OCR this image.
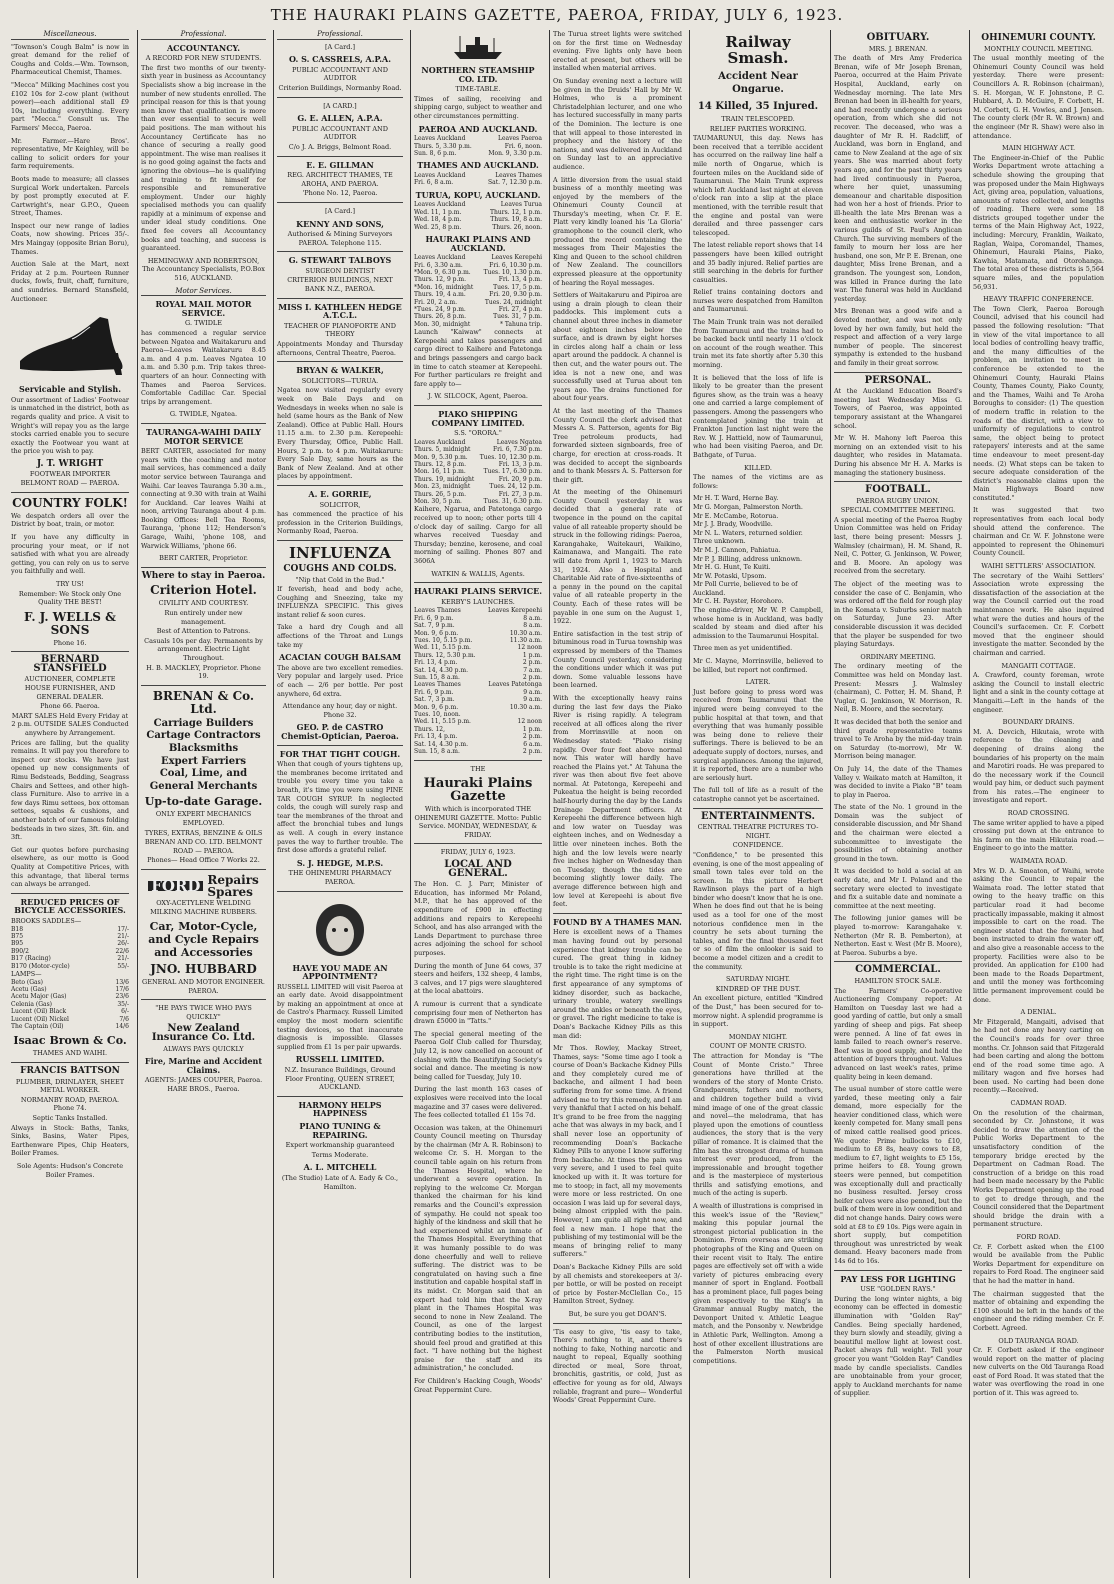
THE HAURAKI PLAINS GAZETTE, PAEROA, FRIDAY, JULY 6, 1923.
Miscellaneous.

"Townson's Cough Balm" is now in great demand for the relief of Coughs and Colds.—Wm. Townson, Pharmaceutical Chemist, Thames.

"Mecca" Milking Machines cost you £102 10s for 2-cow plant (without power)—each additional stall £9 10s, including everything. Every part "Mecca." Consult us. The Farmers' Mecca, Paeroa.

Mr. Farmer.—Hare Bros'. representative, Mr Keighley, will be calling to solicit orders for your farm requirements.

Boots made to measure; all classes Surgical Work undertaken. Parcels by post promptly executed at F. Cartwright's, near G.P.O., Queen Street, Thames.

Inspect our new range of ladies Coats, now showing. Prices 35/-. Mrs Maingay (opposite Brian Boru), Thames.

Auction Sale at the Mart, next Friday at 2 p.m. Pourteen Runner ducks, fowls, fruit, chaff, furniture, and sundries. Bernard Stansfield, Auctioneer.

Servicable and Stylish.

Our assortment of Ladies' Footwear is unmatched in the district, both as regards quality and price. A visit to Wright's will repay you as the large stocks carried enable you to secure exactly the Footwear you want at the price you wish to pay.

J. T. WRIGHT
FOOTWEAR IMPORTER
BELMONT ROAD — PAEROA.
COUNTRY FOLK!

We despatch orders all over the District by boat, train, or motor.

If you have any difficulty in procuring your meat, or if not satisfied with what you are already getting, you can rely on us to serve you faithfully and well.

TRY US!
Remember: We Stock only One Quality THE BEST!
F. J. WELLS & SONS
Phone 16.
BERNARD STANSFIELD
AUCTIONEER, COMPLETE HOUSE FURNISHER, AND GENERAL DEALER.
Phone 66. Paeroa.
MART SALES Held Every Friday at 2 p.m. OUTSIDE SALES Conducted anywhere by Arrangement.

Prices are falling, but the quality remains. It will pay you therefore to inspect our stocks. We have just opened up new consignments of Rimu Bedsteads, Bedding, Seagrass Chairs and Settees, and other high-class Furniture. Also to arrive in a few days Rimu settees, box ottoman settees, squabs & cushions, and another batch of our famous folding bedsteads in two sizes, 3ft. 6in. and 3ft.

Get our quotes before purchasing elsewhere, as our motto is Good Quality at Competitive Prices, with this advantage, that liberal terms can always be arranged.

REDUCED PRICES OF BICYCLE ACCESSORIES.
BROOKS SADDLES—
B18	17/-
B75	21/-
B95	26/-
B90/2	22/6
B17 (Racing)	21/-
B170 (Motor-cycle)	55/-
LAMPS—
Beto (Gas)	13/6
Acetu (Gas)	17/6
Acetu Major (Gas)	23/6
Celenia (Gas)	35/-
Lucent (Oil) Black	6/-
Lucent (Oil) Nickel	7/6
The Captain (Oil)	14/6
Isaac Brown & Co.
THAMES AND WAIHI.
FRANCIS BATTSON
PLUMBER, DRINLAYER, SHEET METAL WORKER.
NORMANBY ROAD, PAEROA. Phone 74.
Septic Tanks Installed.

Always in Stock: Baths, Tanks, Sinks, Basins, Water Pipes, Earthenware Pipes, Chip Heaters, Boiler Frames.

Sole Agents: Hudson's Concrete Boiler Frames.
Professional.
ACCOUNTANCY.
A RECORD FOR NEW STUDENTS.

The first two months of our twenty-sixth year in business as Accountancy Specialists show a big increase in the number of new students enrolled. The principal reason for this is that young men know that qualification is more than ever essential to secure well paid positions. The man without his Accountancy Certificate has no chance of securing a really good appointment. The wise man realises it is no good going against the facts and ignoring the obvious—he is qualifying and training to fit himself for responsible and remunerative employment. Under our highly specialised methods you can qualify rapidly at a minimum of expense and under ideal study conditions. One fixed fee covers all Accountancy books and teaching, and success is guaranteed.

HEMINGWAY AND ROBERTSON, The Accountancy Specialists, P.O.Box 516, AUCKLAND.
Motor Services.
ROYAL MAIL MOTOR SERVICE.
G. TWIDLE

has commenced a regular service between Ngatea and Waitakaruru and Paeroa—Leaves Waitakaruru 8.45 a.m. and 4 p.m. Leaves Ngatea 10 a.m. and 5.30 p.m. Trip takes three-quarters of an hour. Connecting with Thames and Paeroa Services. Comfortable Cadillac Car. Special trips by arrangement.

G. TWIDLE, Ngatea.
TAURANGA-WAIHI DAILY MOTOR SERVICE

BERT CARTER, associated for many years with the coaching and motor mail services, has commenced a daily motor service between Tauranga and Waihi. Car leaves Tauranga 5.30 a.m., connecting at 9.30 with train at Waihi for Auckland. Car leaves Waihi at noon, arriving Tauranga about 4 p.m. Booking Offices: Bell Tea Rooms, Tauranga, 'phone 112; Henderson's Garage, Waihi, 'phone 108, and Warwick Williams, 'phone 66.

BERT CARTER, Proprietor.
Where to stay in Paeroa.
Criterion Hotel.
CIVILITY AND COURTESY.
Run entirely under new management.
Best of Attention to Patrons.
Casuals 10s per day. Permanents by arrangement. Electric Light Throughout.
H. B. MACKLEY, Proprietor. Phone 19.
BRENAN & Co. Ltd.
Carriage Builders
Cartage Contractors
Blacksmiths
Expert Farriers
Coal, Lime, and
General Merchants
Up-to-date Garage.
ONLY EXPERT MECHANICS EMPLOYED.
TYRES, EXTRAS, BENZINE & OILS
BRENAN AND CO. LTD. BELMONT ROAD — PAEROA.
Phones— Head Office 7 Works 22.
FORD Repairs
Spares
OXY-ACETYLENE WELDING MILKING MACHINE RUBBERS.
Car, Motor-Cycle, and Cycle Repairs and Accessories
JNO. HUBBARD
GENERAL AND MOTOR ENGINEER. PAEROA.
"HE PAYS TWICE WHO PAYS QUICKLY"
New Zealand Insurance Co. Ltd.
ALWAYS PAYS QUICKLY
Fire, Marine and Accident Claims.
AGENTS: JAMES COUPER, Paeroa. HARE BROS., Paeroa.
Professional.
[A Card.]
O. S. CASSRELS, A.P.A.
PUBLIC ACCOUNTANT AND AUDITOR
Criterion Buildings, Normanby Road.
[A CARD.]
G. E. ALLEN, A.P.A.
PUBLIC ACCOUNTANT AND AUDITOR
C/o J. A. Briggs, Belmont Road.
E. E. GILLMAN
REG. ARCHITECT THAMES, TE AROHA, AND PAEROA.
'Phone No. 12, Paeroa.
[A Card.]
KENNY AND SONS,
Authorised & Mining Surveyors PAEROA. Telephone 115.
G. STEWART TALBOYS
SURGEON DENTIST
CRITERION BUILDINGS, NEXT BANK N.Z., PAEROA.
MISS I. KATHLEEN HEDGE A.T.C.L.
TEACHER OF PIANOFORTE AND THEORY

Appointments Monday and Thursday afternoons, Central Theatre, Paeroa.

BRYAN & WALKER,
SOLICITORS—TURUA.

Ngatea now visited regularly every week on Bale Days and on Wednesdays in weeks when no sale is held (same hours as the Bank of New Zealand). Office at Public Hall. Hours 11.15 a.m. to 2.30 p.m. Kerepeehi: Every Thursday, Office, Public Hall. Hours, 2 p.m. to 4 p.m. Waitakaruru: Every Sale Day, same hours as the Bank of New Zealand. And at other places by appointment.

A. E. GORRIE,
SOLICITOR,

has commenced the practice of his profession in the Criterion Buildings, Normanby Road, Paeroa.

INFLUENZA
COUGHS AND COLDS.
"Nip that Cold in the Bud."

If feverish, head and body ache, Coughing and Sneezing, take my INFLUENZA SPECIFIC. This gives instant relief & soon cures.

Take a hard dry Cough and all affections of the Throat and Lungs take my

ACACIAN COUGH BALSAM

The above are two excellent remedies. Very popular and largely used. Price of each — 2/6 per bottle. Per post anywhere, 6d extra.

Attendance any hour, day or night. Phone 32.
GEO. P. de CASTRO Chemist-Optician, Paeroa.
FOR THAT TIGHT COUGH.

When that cough of yours tightens up, the membranes become irritated and trouble you every time you take a breath, it's time you were using PINE TAR COUGH SYRUP. In neglected colds, the cough will surely rasp and tear the membranes of the throat and affect the bronchial tubes and lungs as well. A cough in every instance paves the way to further trouble. The first dose affords a grateful relief.

S. J. HEDGE, M.P.S.
THE OHINEMURI PHARMACY PAEROA.
HAVE YOU MADE AN APPOINTMENT?

RUSSELL LIMITED will visit Paeroa at an early date. Avoid disappointment by making an appointment at once at de Castro's Pharmacy. Russell Limited employ the most modern scientific testing devices, so that inaccurate diagnosis is impossible. Glasses supplied from £1 1s per pair upwards.

RUSSELL LIMITED.
N.Z. Insurance Buildings, Ground Floor Fronting, QUEEN STREET, AUCKLAND.
HARMONY HELPS HAPPINESS
PIANO TUNING & REPAIRING.
Expert workmanship guaranteed
Terms Moderate.
A. L. MITCHELL
(The Studio) Late of A. Eady & Co., Hamilton.
NORTHERN STEAMSHIP CO. LTD.
TIME-TABLE.

Times of sailing, receiving and shipping cargo, subject to weather and other circumstances permitting.

PAEROA AND AUCKLAND.
Leaves Auckland	Leaves Paeroa
Thurs. 5, 3.30 p.m.	Fri. 6, noon.
Sun. 8, 6 p.m.	Mon. 9, 3.30 p.m.
THAMES AND AUCKLAND.
Leaves Auckland	Leaves Thames
Fri. 6, 8 a.m.	Sat. 7, 12.30 p.m.
TURUA, KOPU, AUCKLAND.
Leaves Auckland	Leaves Turua
Wed. 11, 1 p.m.	Thurs. 12, 1 p.m.
Wed. 18, 4 p.m.	Thurs. 19, 8 a.m.
Wed. 25, 8 p.m.	Thurs. 26, noon.
HAURAKI PLAINS AND AUCKLAND.
Leaves Auckland	Leaves Kerepehi
Fri. 6, 3.30 a.m.	Fri. 6, 10.30 p.m.
*Mon. 9, 6.30 p.m.	Tues. 10, 1.30 p.m.
Thurs. 12, 9 p.m.	Fri. 13, 4 p.m.
*Mon. 16, midnight	Tues. 17, 5 p.m.
Thurs. 19, 4 a.m.	Fri. 20, 9.30 p.m.
Fri. 20, 2 a.m.	Tues. 24, midnight
*Tues. 24, 9 p.m.	Fri. 27, 4 p.m.
Thurs. 26, 8 p.m.	Tues. 31, 7 p.m.
Mon. 30, midnight	* Tahuna trip.

Launch "Kaiwaw" connects at Kerepeehi and takes passengers and cargo direct to Kaihere and Patetonga and brings passengers and cargo back in time to catch steamer at Kerepeehi. For further particulars re freight and fare apply to—

J. W. SILCOCK, Agent, Paeroa.
PIAKO SHIPPING COMPANY LIMITED.
S.S. "ORORA."
Leaves Auckland	Leaves Ngatea
Thurs. 5, midnight	Fri. 6, 7.30 p.m.
Mon. 9, 5.30 p.m.	Tues. 10, 12.30 p.m.
Thurs. 12, 8 p.m.	Fri. 13, 3 p.m.
Mon. 16, 11 p.m.	Tues. 17, 6.30 p.m.
Thurs. 19, midnight	Fri. 20, 9 p.m.
Mon. 23, midnight	Tues. 24, 12 p.m.
Thurs. 26, 5 p.m.	Fri. 27, 3 p.m.
Mon. 30, 5 p.m.	Tues. 31, 6.30 p.m.

Kaihere, Ngarua, and Patetonga cargo received up to noon; other ports till 4 o'clock day of sailing. Cargo for all wharves received Tuesday and Thursday; benzine, kerosene, and coal morning of sailing. Phones 807 and 3606A

WATKIN & WALLIS, Agents.
HAURAKI PLAINS SERVICE.
KERBY'S LAUNCHES.
Leaves Thames	Leaves Kerepeehi
Fri. 6, 9 p.m.	8 a.m.
Sat. 7, 9 p.m.	8 a.m.
Mon. 9, 6 p.m.	10.30 a.m.
Tues. 10, 5.15 p.m.	11.30 a.m.
Wed. 11, 5.15 p.m.	12 noon
Thurs. 12, 5.30 p.m.	1 p.m.
Fri. 13, 4 p.m.	2 p.m.
Sat. 14, 4.30 p.m.	7 a.m.
Sun. 15, 8 a.m.	2 p.m.
Leaves Thames	Leaves Patetonga
Fri. 6, 9 p.m.	9 a.m.
Sat. 7, 3 p.m.	9 a.m.
Mon. 9, 6 p.m.	10.30 a.m.
Tues. 10, noon.	
Wed. 11, 5.15 p.m.	12 noon
Thurs. 12,	1 p.m.
Fri. 13, 4 p.m.	2 p.m.
Sat. 14, 4.30 p.m.	6 a.m.
Sun. 15, 8 a.m.	2 p.m.
THE
Hauraki Plains Gazette
With which is incorporated THE OHINEMURI GAZETTE. Motto: Public Service. MONDAY, WEDNESDAY, & FRIDAY.
FRIDAY, JULY 6, 1923.
LOCAL AND GENERAL.

The Hon. C. J. Parr, Minister of Education, has informed Mr Poland, M.P., that he has approved of the expenditure of £900 in effecting additions and repairs to Kerepeehi School, and has also arranged with the Lands Department to purchase three acres adjoining the school for school purposes.

During the month of June 64 cows, 37 steers and heifers, 132 sheep, 4 lambs, 3 calves, and 17 pigs were slaughtered at the local abattoirs.

A rumour is current that a syndicate comprising four men of Netherton has drawn £5000 in "Tatts."

The special general meeting of the Paeroa Golf Club called for Thursday, July 12, is now cancelled on account of clashing with the Beautifying Society's social and dance. The meeting is now being called for Tuesday, July 10.

During the last month 163 cases of explosives were received into the local magazine and 37 cases were delivered. The fees collected totalled £1 15s 7d.

Occasion was taken, at the Ohinemuri County Council meeting on Thursday by the chairman (Mr A. R. Robinson) to welcome Cr. S. H. Morgan to the council table again on his return from the Thames Hospital, where he underwent a severe operation. In replying to the welcome Cr. Morgan thanked the chairman for his kind remarks and the Council's expression of sympathy. He could not speak too highly of the kindness and skill that he had experienced whilst an inmate of the Thames Hospital. Everything that it was humanly possible to do was done cheerfully and well to relieve suffering. The district was to be congratulated on having such a fine institution and capable hospital staff in its midst. Cr. Morgan said that an expert had told him that the X-ray plant in the Thames Hospital was second to none in New Zealand. The Council, as one of the largest contributing bodies to the institution, should feel proud and gratified at this fact. "I have nothing but the highest praise for the staff and its administration," he concluded.

For Children's Hacking Cough, Woods' Great Peppermint Cure.

The Turua street lights were switched on for the first time on Wednesday evening. Five lights only have been erected at present, but others will be installed when material arrives.

On Sunday evening next a lecture will be given in the Druids' Hall by Mr W. Holmes, who is a prominent Christadelphian lecturer, and one who has lectured successfully in many parts of the Dominion. The lecture is one that will appeal to those interested in prophecy and the history of the nations, and was delivered in Auckland on Sunday last to an appreciative audience.

A little diversion from the usual staid business of a monthly meeting was enjoyed by the members of the Ohinemuri County Council at Thursday's meeting, when Cr. F. E. Platt very kindly loaned his 'La Gloria' gramophone to the council clerk, who produced the record containing the messages from Their Majesties the King and Queen to the school children of New Zealand. The councillors expressed pleasure at the opportunity of hearing the Royal messages.

Settlers of Waitakaruru and Pipiroa are using a drain plough to clean their paddocks. This implement cuts a channel about three inches in diameter about eighteen inches below the surface, and is drawn by eight horses in circles along half a chain or less apart around the paddock. A channel is then cut, and the water pours out. The idea is not a new one, and was successfully used at Turua about ten years ago. The drains functioned for about four years.

At the last meeting of the Thames County Council the clerk advised that Messrs A. S. Patterson, agents for Big Tree petroleum products, had forwarded sixteen signboards, free of charge, for erection at cross-roads. It was decided to accept the signboards and to thank Messrs A. S. Patterson for their gift.

At the meeting of the Ohinemuri County Council yesterday it was decided that a general rate of twopence in the pound on the capital value of all rateable property should be struck in the following ridings: Paeroa, Karangahake, Waitekauri, Waikino, Kaimanawa, and Mangaiti. The rate will date from April 1, 1923 to March 31, 1924. Also a Hospital and Charitable Aid rate of five-sixteenths of a penny in the pound on the capital value of all rateable property in the County. Each of these rates will be payable in one sum on the August 1, 1922.

Entire satisfaction in the test strip of bituminous road in Turua township was expressed by members of the Thames County Council yesterday, considering the conditions under which it was put down. Some valuable lessons have been learned.

With the exceptionally heavy rains during the last few days the Piako River is rising rapidly. A telegram received at all offices along the river from Morrinsville at noon on Wednesday stated: "Piako rising rapidly. Over four feet above normal now. This water will hardly have reached the Plains yet." At Tahuna the river was then about five feet above normal. At Patetonga, Kerepeehi and Pukeatua the height is being recorded half-hourly during the day by the Lands Drainage Department officers. At Kerepeehi the difference between high and low water on Tuesday was eighteen inches, and on Wednesday a little over nineteen inches. Both the high and the low levels were nearly five inches higher on Wednesday than on Tuesday, though the tides are becoming slightly lower daily. The average difference between high and low level at Kerepeehi is about five feet.

FOUND BY A THAMES MAN.

Here is excellent news of a Thames man having found out by personal experience that kidney trouble can be cured. The great thing in kidney trouble is to take the right medicine at the right time. The right time is on the first appearance of any symptoms of kidney disorder, such as backache, urinary trouble, watery swellings around the ankles or beneath the eyes, or gravel. The right medicine to take is Doan's Backache Kidney Pills as this man did:

Mr Thos. Rowley, Mackay Street, Thames, says: "Some time ago I took a course of Doan's Backache Kidney Pills and they completely cured me of backache, and ailment I had been suffering from for some time. A friend advised me to try this remedy, and I am very thankful that I acted on his behalf. It's grand to be free from the nagging ache that was always in my back, and I shall never lose an opportunity of recommending Doan's Backache Kidney Pills to anyone I know suffering from backache. At times the pain was very severe, and I used to feel quite knocked up with it. It was torture for me to stoop; in fact, all my movements were more or less restricted. On one occasion I was laid up for several days, being almost crippled with the pain. However, I am quite all right now, and feel a new man. I hope that the publishing of my testimonial will be the means of bringing relief to many sufferers."

Doan's Backache Kidney Pills are sold by all chemists and storekeepers at 3/- per bottle, or will be posted on receipt of price by Foster-McClellan Co., 15 Hamilton Street, Sydney.

But, be sure you get DOAN'S.

'Tis easy to give, 'tis easy to take, There's nothing to it, and there's nothing to fake, Nothing narcotic and naught to repeal, Equally soothing directed or meal, Sore throat, bronchitis, gastritis, or cold, Just as effective for young as for old, Always reliable, fragrant and pure— Wonderful Woods' Great Peppermint Cure.

Railway Smash.
Accident Near Ongarue.
14 Killed, 35 Injured.
TRAIN TELESCOPED.
RELIEF PARTIES WORKING.

TAUMARUNUI, this day. News has been received that a terrible accident has occurred on the railway line half a mile north of Ongarue, which is fourteen miles on the Auckland side of Taumarunui. The Main Trunk express which left Auckland last night at eleven o'clock ran into a slip at the place mentioned, with the terrible result that the engine and postal van were derailed and three passenger cars telescoped.

The latest reliable report shows that 14 passengers have been killed outright and 35 badly injured. Relief parties are still searching in the debris for further casualties.

Relief trains containing doctors and nurses were despatched from Hamilton and Taumarunui.

The Main Trunk train was not derailed from Taumarunui and the trains had to be backed back until nearly 11 o'clock on account of the rough weather. This train met its fate shortly after 5.30 this morning.

It is believed that the loss of life is likely to be greater than the present figures show, as the train was a heavy one and carried a large complement of passengers. Among the passengers who contemplated joining the train at Frankton Junction last night were the Rev. W. J. Hattield, now of Taumarunui, who had been visiting Paeroa, and Dr. Bathgate, of Turua.

KILLED.

The names of the victims are as follows:

Mr H. T. Ward, Herne Bay.
Mr G. Morgan, Palmerston North.
Mr E. McCambe, Rotorua.
Mr J. J. Brady, Woodville.
Mr N. L. Waters, returned soldier.
Three unknown.
Mr M. J. Cannon, Pahiatua.
Mr P. J. Billing, address unknown.
Mr H. G. Hunt, Te Kuiti.
Mr W. Potaski, Upsom.
Mr Poll Currie, believed to be of Auckland.
Mr C. H. Payster, Horohoro.

The engine-driver, Mr W. P. Campbell, whose home is in Auckland, was badly scalded by steam and died after his admission to the Taumarunui Hospital.

Three men as yet unidentified.

Mr C. Mayne, Morrinsville, believed to be killed, but report not confirmed.

LATER.

Just before going to press word was received from Taumarunui that the injured were being conveyed to the public hospital at that town, and that everything that was humanly possible was being done to relieve their sufferings. There is believed to be an adequate supply of doctors, nurses, and surgical appliances. Among the injured, it is reported, there are a number who are seriously hurt.

The full toll of life as a result of the catastrophe cannot yet be ascertained.

ENTERTAINMENTS.
CENTRAL THEATRE PICTURES TO-NIGHT.
CONFIDENCE.

"Confidence," to be presented this evening, is one of the most appealing of small town tales ever told on the screen. In this picture Herbert Rawlinson plays the part of a high binder who doesn't know that he is one. When he does find out that he is being used as a tool for one of the most notorious confidence men in the country he sets about turning the tables, and for the final thousand feet or so of film the onlooker is said to become a model citizen and a credit to the community.

SATURDAY NIGHT.
KINDRED OF THE DUST.

An excellent picture, entitled "Kindred of the Dust," has been secured for to-morrow night. A splendid programme is in support.

MONDAY NIGHT.
COUNT OF MONTE CRISTO.

The attraction for Monday is "The Count of Monte Cristo." Three generations have thrilled at the wonders of the story of Monte Cristo. Grandparents, fathers and mothers, and children together build a vivid mind image of one of the great classic and novel—the melodrama, that has played upon the emotions of countless audiences, the story that is the very pillar of romance. It is claimed that the film has the strongest drama of human interest ever produced, from the impressionable and brought together and is the masterpiece of mysterious thrills and satisfying emotions, and much of the acting is superb.

A wealth of illustrations is comprised in this week's issue of the "Review," making this popular journal the strongest pictorial publication in the Dominion. From overseas are striking photographs of the King and Queen on their recent visit to Italy. The entire pages are effectively set off with a wide variety of pictures embracing every manner of sport in England. Football has a prominent place, full pages being given respectively to the King's in Grammar annual Rugby match, the Devonport United v. Athletic League match, and the Ponsonby v. Newbridge in Athletic Park, Wellington. Among a host of other excellent illustrations are the Palmerston North musical competitions.

OBITUARY.
MRS. J. BRENAN.

The death of Mrs Amy Frederica Brenan, wife of Mr Joseph Brenan, Paeroa, occurred at the Haim Private Hospital, Auckland, early on Wednesday morning. The late Mrs Brenan had been in ill-health for years, and had recently undergone a serious operation, from which she did not recover. The deceased, who was a daughter of Mr R. H. Radcliff, of Auckland, was born in England, and came to New Zealand at the age of six years. She was married about forty years ago, and for the past thirty years had lived continuously in Paeroa, where her quiet, unassuming demeanour and charitable disposition had won her a host of friends. Prior to ill-health the late Mrs Brenan was a keen and enthusiastic worker in the various guilds of St. Paul's Anglican Church. The surviving members of the family to mourn her loss are her husband, one son, Mr P. E. Brenan, one daughter, Miss Irene Brenan, and a grandson. The youngest son, London, was killed in France during the late war. The funeral was held in Auckland yesterday.

Mrs Brenan was a good wife and a devoted mother, and was not only loved by her own family, but held the respect and affection of a very large number of people. The sincerest sympathy is extended to the husband and family in their great sorrow.

PERSONAL.

At the Auckland Education Board's meeting last Wednesday Miss G. Towers, of Paeroa, was appointed temporary assistant at the Whangarei school.

Mr W. H. Mahony left Paeroa this morning on an extended visit to his daughter, who resides in Matamata. During his absence Mr H. A. Marks is managing the stationery business.

FOOTBALL.
PAEROA RUGBY UNION.
SPECIAL COMMITTEE MEETING.

A special meeting of the Paeroa Rugby Union Committee was held on Friday last, there being present: Messrs J. Walmsley (chairman), H. M. Shand, R. Neil, C. Potter, G. Jenkinson, W. Power, and B. Moore. An apology was received from the secretary.

The object of the meeting was to consider the case of C. Benjamin, who was ordered off the field for rough play in the Komata v. Suburbs senior match on Saturday, June 23. After considerable discussion it was decided that the player be suspended for two playing Saturdays.

ORDINARY MEETING.

The ordinary meeting of the Committee was held on Monday last. Present: Messrs J. Walmsley (chairman), C. Potter, H. M. Shand, P. Vuglar, G. Jenkinson, W. Morrison, R. Neil, B. Moore, and the secretary.

It was decided that both the senior and third grade representative teams travel to Te Aroha by the mid-day train on Saturday (to-morrow), Mr W. Morrison being manager.

On July 14, the date of the Thames Valley v. Waikato match at Hamilton, it was decided to invite a Piako "B" team to play in Paeroa.

The state of the No. 1 ground in the Domain was the subject of considerable discussion, and Mr Shand and the chairman were elected a subcommittee to investigate the possibilities of obtaining another ground in the town.

It was decided to hold a social at an early date, and Mr I. Poland and the secretary were elected to investigate and fix a suitable date and nominate a committee at the next meeting.

The following junior games will be played to-morrow: Karangahake v. Netherton (Mr R. B. Pemberton), at Netherton. East v. West (Mr B. Moore), at Paeroa. Suburbs a bye.

COMMERCIAL.
HAMILTON STOCK SALE.

The Farmers' Co-operative Auctioneering Company report: At Hamilton on Tuesday last we had a good yarding of cattle, but only a small yarding of sheep and pigs. Fat sheep were penned. A line of fat ewes in lamb failed to reach owner's reserve. Beef was in good supply, and held the attention of buyers throughout. Values advanced on last week's rates, prime quality being in keen demand.

The usual number of store cattle were yarded, these meeting only a fair demand, more especially for the heavier conditioned class, which were keenly competed for. Many small pens of mixed cattle realised good prices. We quote: Prime bullocks to £10, medium to £8 8s, heavy cows to £8, medium to £7, light weights to £5 15s, prime heifers to £8. Young grown steers were penned, but competition was exceptionally dull and practically no business resulted. Jersey cross heifer calves were also penned, but the bulk of them were in low condition and did not change hands. Dairy cows were sold at £8 to £9 10s. Pigs were again in short supply, but competition throughout was unrestricted by weak demand. Heavy baconers made from 14s 6d to 16s.

PAY LESS FOR LIGHTING
USE "GOLDEN RAYS."

During the long winter nights, a big economy can be effected in domestic illumination with "Golden Ray" Candles. Being specially hardened, they burn slowly and steadily, giving a beautiful mellow light at lowest cost. Packet always full weight. Tell your grocer you want "Golden Ray" Candles made by candle specialists. Candles are unobtainable from your grocer, apply to Auckland merchants for name of supplier.

OHINEMURI COUNTY.
MONTHLY COUNCIL MEETING.

The usual monthly meeting of the Ohinemuri County Council was held yesterday. There were present: Councillors A. R. Robinson (chairman), S. H. Morgan, W. F. Johnstone, P. C. Hubbard, A. D. McGuire, F. Corbett, H. M. Corbett, G. H. Vowles, and J. Jensen. The county clerk (Mr R. W. Brown) and the engineer (Mr R. Shaw) were also in attendance.

MAIN HIGHWAY ACT.

The Engineer-in-Chief of the Public Works Department wrote attaching a schedule showing the grouping that was proposed under the Main Highways Act, giving area, population, valuations, amounts of rates collected, and lengths of roading. There were some 18 districts grouped together under the terms of the Main Highway Act, 1922, including: Mercury, Franklin, Waikato, Raglan, Waipa, Coromandel, Thames, Ohinemuri, Hauraki Plains, Piako, Kawhia, Matamata, and Otorohanga. The total area of these districts is 5,564 square miles, and the population 56,931.

HEAVY TRAFFIC CONFERENCE.

The Town Clerk, Paeroa Borough Council, advised that his council had passed the following resolution: "That in view of the vital importance to all local bodies of controlling heavy traffic, and the many difficulties of the problem, an invitation to meet in conference be extended to the Ohinemuri County, Hauraki Plains County, Thames County, Piako County, and the Thames, Waihi and Te Aroha Boroughs to consider: (1) The question of modern traffic in relation to the roads of the district, with a view to uniformity of regulations to control same, the object being to protect ratepayers' interests and at the same time endeavour to meet present-day needs. (2) What steps can be taken to secure adequate consideration of the district's reasonable claims upon the Main Highways Board now constituted."

It was suggested that two representatives from each local body should attend the conference. The chairman and Cr. W. F. Johnstone were appointed to represent the Ohinemuri County Council.

WAIHI SETTLERS' ASSOCIATION.

The secretary of the Waihi Settlers' Association wrote expressing the dissatisfaction of the association at the way the Council carried out the road maintenance work. He also inquired what were the duties and hours of the Council's surfacemen. Cr. F. Corbett moved that the engineer should investigate the matter. Seconded by the chairman and carried.

MANGAITI COTTAGE.

A. Crawford, county foreman, wrote asking the Council to install electric light and a sink in the county cottage at Mangaiti.—Left in the hands of the engineer.

BOUNDARY DRAINS.

M. A. Devcich, Hikutaia, wrote with reference to the cleaning and deepening of drains along the boundaries of his property on the main and Marotiri roads. He was prepared to do the necessary work if the Council would pay him, or deduct such payment from his rates.—The engineer to investigate and report.

ROAD CROSSING.

The same writer applied to have a piped crossing put down at the entrance to his farm on the main Hikutaia road.—Engineer to go into the matter.

WAIMATA ROAD.

Mrs W. D. A. Smeaton, of Waihi, wrote asking the Council to repair the Waimata road. The letter stated that owing to the heavy traffic on this particular road it had become practically impassable, making it almost impossible to cart on the road. The engineer stated that the foreman had been instructed to drain the water off, and also give a reasonable access to the property. Facilities were also to be provided. An application for £100 had been made to the Roads Department, and until the money was forthcoming little permanent improvement could be done.

A DENIAL.

Mr Fitzgerald, Mangaiti, advised that he had not done any heavy carting on the Council's roads for over three months. Cr. Johnson said that Fitzgerald had been carting and along the bottom end of the road some time ago. A military wagon and five horses had been used. No carting had been done recently.—Received.

CADMAN ROAD.

On the resolution of the chairman, seconded by Cr. Johnstone, it was decided to draw the attention of the Public Works Department to the unsatisfactory condition of the temporary bridge erected by the Department on Cadman Road. The construction of a bridge on this road had been made necessary by the Public Works Department opening up the road to get to dredge through, and the Council considered that the Department should bridge the drain with a permanent structure.

FORD ROAD.

Cr. F. Corbett asked when the £100 would be available from the Public Works Department for expenditure on repairs to Ford Road. The engineer said that he had the matter in hand.

The chairman suggested that the matter of obtaining and expending the £100 should be left in the hands of the engineer and the riding member. Cr. F. Corbett. Agreed.

OLD TAURANGA ROAD.

Cr. F. Corbett asked if the engineer would report on the matter of placing new culverts on the Old Tauranga Road east of Ford Road. It was stated that the water was overflowing the road in one portion of it. This was agreed to.
